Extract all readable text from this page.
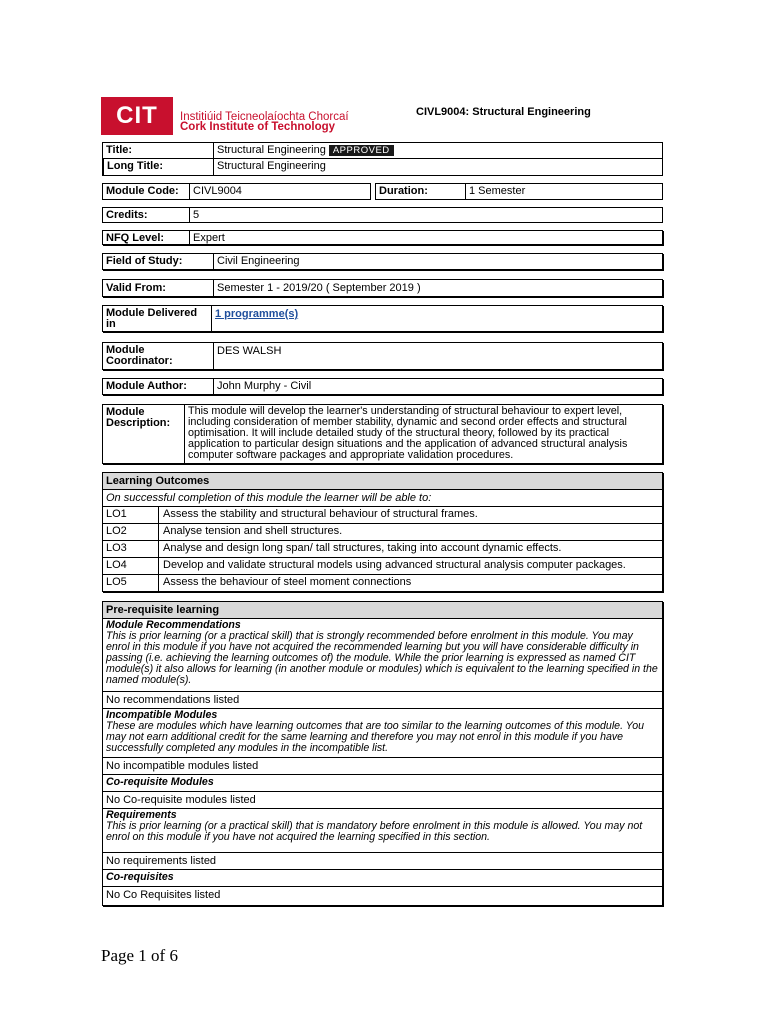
CIT	Institiúid Teicneolaíochta Chorcaí
Cork Institute of Technology
CIVL9004: Structural Engineering
Title:	Structural Engineering APPROVED
Long Title:	Structural Engineering
Module Code:	CIVL9004	Duration:	1 Semester
Credits:	5
NFQ Level:	Expert
Field of Study:	Civil Engineering
Valid From:	Semester 1 - 2019/20 ( September 2019 )
Module Delivered in
1 programme(s)
Module Coordinator:
DES WALSH
Module Author:	John Murphy - Civil
Module Description:
This module will develop the learner's understanding of structural behaviour to expert level, including consideration of member stability, dynamic and second order effects and structural optimisation. It will include detailed study of the structural theory, followed by its practical application to particular design situations and the application of advanced structural analysis computer software packages and appropriate validation procedures.
Learning Outcomes
On successful completion of this module the learner will be able to:
LO1	Assess the stability and structural behaviour of structural frames.
LO2	Analyse tension and shell structures.
LO3	Analyse and design long span/ tall structures, taking into account dynamic effects.
LO4	Develop and validate structural models using advanced structural analysis computer packages.
LO5	Assess the behaviour of steel moment connections
Pre-requisite learning
Module Recommendations
This is prior learning (or a practical skill) that is strongly recommended before enrolment in this module. You may enrol in this module if you have not acquired the recommended learning but you will have considerable difficulty in passing (i.e. achieving the learning outcomes of) the module. While the prior learning is expressed as named CIT module(s) it also allows for learning (in another module or modules) which is equivalent to the learning specified in the named module(s).
No recommendations listed
Incompatible Modules
These are modules which have learning outcomes that are too similar to the learning outcomes of this module. You may not earn additional credit for the same learning and therefore you may not enrol in this module if you have successfully completed any modules in the incompatible list.
No incompatible modules listed
Co-requisite Modules
No Co-requisite modules listed
Requirements
This is prior learning (or a practical skill) that is mandatory before enrolment in this module is allowed. You may not enrol on this module if you have not acquired the learning specified in this section.
No requirements listed
Co-requisites
No Co Requisites listed
Page 1 of 6
